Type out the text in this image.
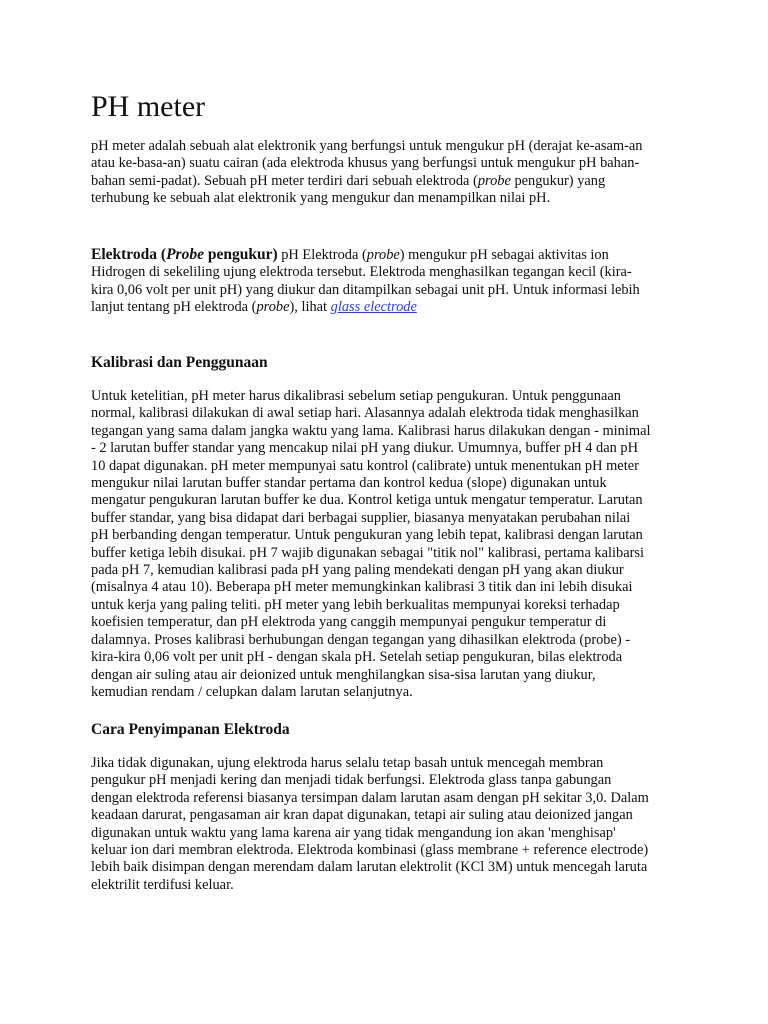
PH meter

pH meter adalah sebuah alat elektronik yang berfungsi untuk mengukur pH (derajat ke-asam-an
atau ke-basa-an) suatu cairan (ada elektroda khusus yang berfungsi untuk mengukur pH bahan-
bahan semi-padat). Sebuah pH meter terdiri dari sebuah elektroda (probe pengukur) yang
terhubung ke sebuah alat elektronik yang mengukur dan menampilkan nilai pH.

Elektroda (Probe pengukur) pH Elektroda (probe) mengukur pH sebagai aktivitas ion
Hidrogen di sekeliling ujung elektroda tersebut. Elektroda menghasilkan tegangan kecil (kira-
kira 0,06 volt per unit pH) yang diukur dan ditampilkan sebagai unit pH. Untuk informasi lebih
lanjut tentang pH elektroda (probe), lihat glass electrode

Kalibrasi dan Penggunaan

Untuk ketelitian, pH meter harus dikalibrasi sebelum setiap pengukuran. Untuk penggunaan
normal, kalibrasi dilakukan di awal setiap hari. Alasannya adalah elektroda tidak menghasilkan
tegangan yang sama dalam jangka waktu yang lama. Kalibrasi harus dilakukan dengan - minimal
- 2 larutan buffer standar yang mencakup nilai pH yang diukur. Umumnya, buffer pH 4 dan pH
10 dapat digunakan. pH meter mempunyai satu kontrol (calibrate) untuk menentukan pH meter
mengukur nilai larutan buffer standar pertama dan kontrol kedua (slope) digunakan untuk
mengatur pengukuran larutan buffer ke dua. Kontrol ketiga untuk mengatur temperatur. Larutan
buffer standar, yang bisa didapat dari berbagai supplier, biasanya menyatakan perubahan nilai
pH berbanding dengan temperatur. Untuk pengukuran yang lebih tepat, kalibrasi dengan larutan
buffer ketiga lebih disukai. pH 7 wajib digunakan sebagai "titik nol" kalibrasi, pertama kalibarsi
pada pH 7, kemudian kalibrasi pada pH yang paling mendekati dengan pH yang akan diukur
(misalnya 4 atau 10). Beberapa pH meter memungkinkan kalibrasi 3 titik dan ini lebih disukai
untuk kerja yang paling teliti. pH meter yang lebih berkualitas mempunyai koreksi terhadap
koefisien temperatur, dan pH elektroda yang canggih mempunyai pengukur temperatur di
dalamnya. Proses kalibrasi berhubungan dengan tegangan yang dihasilkan elektroda (probe) -
kira-kira 0,06 volt per unit pH - dengan skala pH. Setelah setiap pengukuran, bilas elektroda
dengan air suling atau air deionized untuk menghilangkan sisa-sisa larutan yang diukur,
kemudian rendam / celupkan dalam larutan selanjutnya.

Cara Penyimpanan Elektroda

Jika tidak digunakan, ujung elektroda harus selalu tetap basah untuk mencegah membran
pengukur pH menjadi kering dan menjadi tidak berfungsi. Elektroda glass tanpa gabungan
dengan elektroda referensi biasanya tersimpan dalam larutan asam dengan pH sekitar 3,0. Dalam
keadaan darurat, pengasaman air kran dapat digunakan, tetapi air suling atau deionized jangan
digunakan untuk waktu yang lama karena air yang tidak mengandung ion akan 'menghisap'
keluar ion dari membran elektroda. Elektroda kombinasi (glass membrane + reference electrode)
lebih baik disimpan dengan merendam dalam larutan elektrolit (KCl 3M) untuk mencegah laruta
elektrilit terdifusi keluar.
